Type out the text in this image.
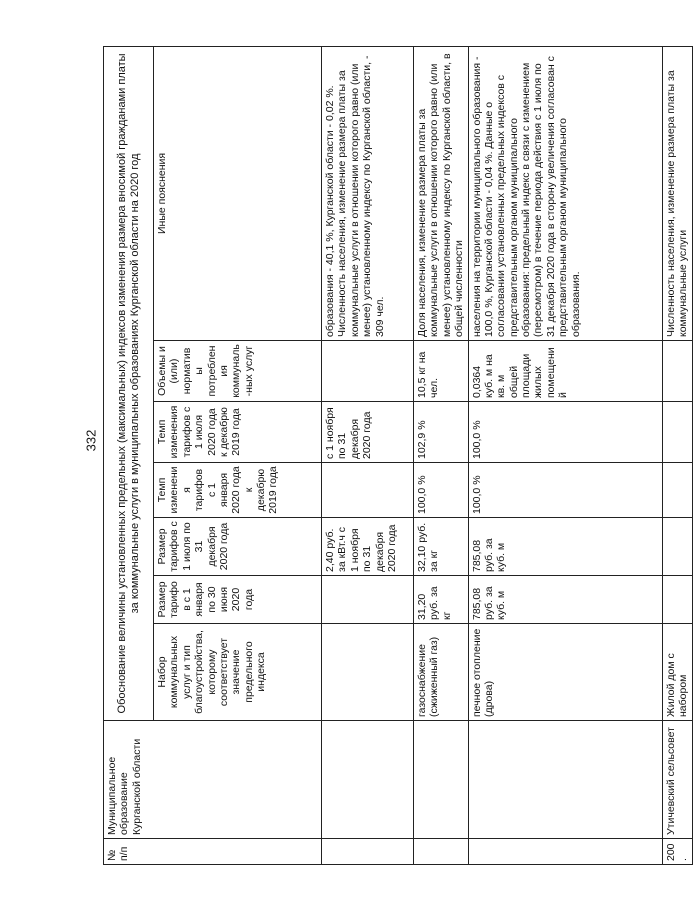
332
№ п/п	Муниципальное образование Курганской области	Обоснование величины установленных предельных (максимальных) индексов изменения размера вносимой гражданами платы за коммунальные услуги в муниципальных образованиях Курганской области на 2020 год						
		Набор коммунальных услуг и тип благоустройства, которому соответствует значение предельного индекса	Размер тарифов с 1 января по 30 июня 2020 года	Размер тарифов с 1 июля по 31 декабря 2020 года	Темп изменения тарифов с 1 января 2020 года к декабрю 2019 года	Темп изменения тарифов с 1 июля 2020 года к декабрю 2019 года	Объемы и (или) нормативы потребления коммуналь-ных услуг	Иные пояснения
				2,40 руб. за кВт.ч с 1 ноября по 31 декабря 2020 года		с 1 ноября по 31 декабря 2020 года		образования - 40,1 %, Курганской области - 0,02 %. Численность населения, изменение размера платы за коммунальные услуги в отношении которого равно (или менее) установленному индексу по Курганской области, - 309 чел.
		газоснабжение (сжиженный газ)	31,20 руб. за кг	32,10 руб. за кг	100,0 %	102,9 %	10,5 кг на чел.	Доля населения, изменение размера платы за коммунальные услуги в отношении которого равно (или менее) установленному индексу по Курганской области, в общей численности
		печное отопление (дрова)	785,08 руб. за куб. м	785,08 руб. за куб. м	100,0 %	100,0 %	0,0364 куб. м на кв. м общей площади жилых помещений	населения на территории муниципального образования - 100,0 %, Курганской области - 0,04 %. Данные о согласовании установленных предельных индексов с представительным органом муниципального образования: предельный индекс в связи с изменением (пересмотром) в течение периода действия с 1 июля по 31 декабря 2020 года в сторону увеличения согласован с представительным органом муниципального образования.
200.	Утичевский сельсовет	Жилой дом с набором						Численность населения, изменение размера платы за коммунальные услуги
